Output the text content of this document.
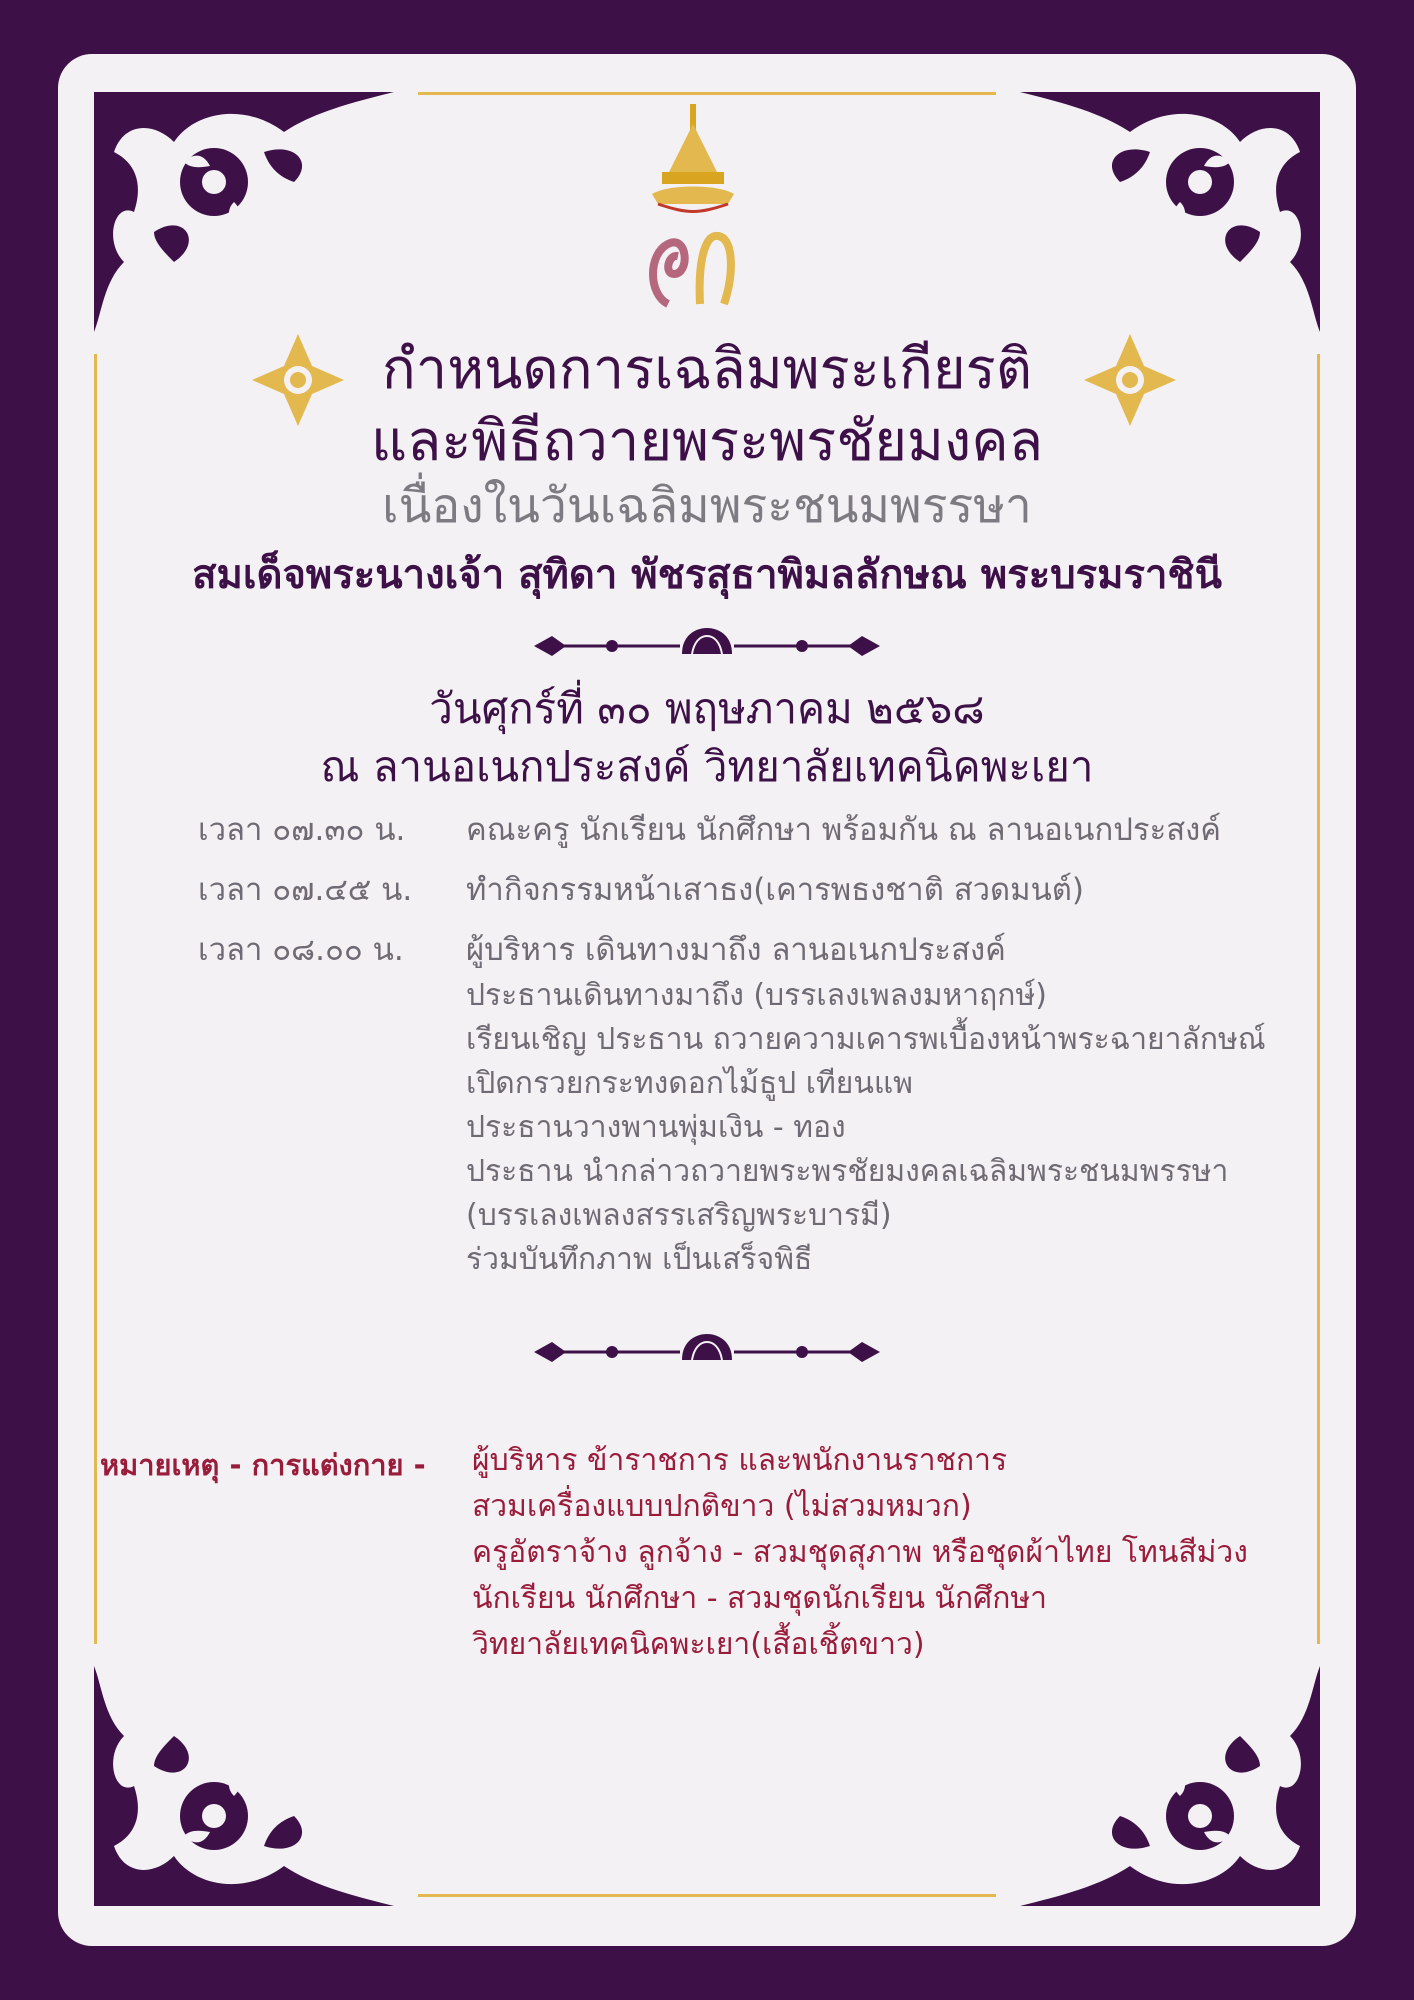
กำหนดการเฉลิมพระเกียรติ
และพิธีถวายพระพรชัยมงคล
เนื่องในวันเฉลิมพระชนมพรรษา
สมเด็จพระนางเจ้า สุทิดา พัชรสุธาพิมลลักษณ พระบรมราชินี
วันศุกร์ที่ ๓๐ พฤษภาคม ๒๕๖๘
ณ ลานอเนกประสงค์ วิทยาลัยเทคนิคพะเยา
เวลา ๐๗.๓๐ น. คณะครู นักเรียน นักศึกษา พร้อมกัน ณ ลานอเนกประสงค์
เวลา ๐๗.๔๕ น. ทำกิจกรรมหน้าเสาธง(เคารพธงชาติ สวดมนต์)
เวลา ๐๘.๐๐ น. ผู้บริหาร เดินทางมาถึง ลานอเนกประสงค์
ประธานเดินทางมาถึง (บรรเลงเพลงมหาฤกษ์)
เรียนเชิญ ประธาน ถวายความเคารพเบื้องหน้าพระฉายาลักษณ์
เปิดกรวยกระทงดอกไม้ธูป เทียนแพ
ประธานวางพานพุ่มเงิน - ทอง
ประธาน นำกล่าวถวายพระพรชัยมงคลเฉลิมพระชนมพรรษา
(บรรเลงเพลงสรรเสริญพระบารมี)
ร่วมบันทึกภาพ เป็นเสร็จพิธี
หมายเหตุ - การแต่งกาย - ผู้บริหาร ข้าราชการ และพนักงานราชการ
สวมเครื่องแบบปกติขาว (ไม่สวมหมวก)
ครูอัตราจ้าง ลูกจ้าง - สวมชุดสุภาพ หรือชุดผ้าไทย โทนสีม่วง
นักเรียน นักศึกษา - สวมชุดนักเรียน นักศึกษา
วิทยาลัยเทคนิคพะเยา(เสื้อเชิ้ตขาว)
